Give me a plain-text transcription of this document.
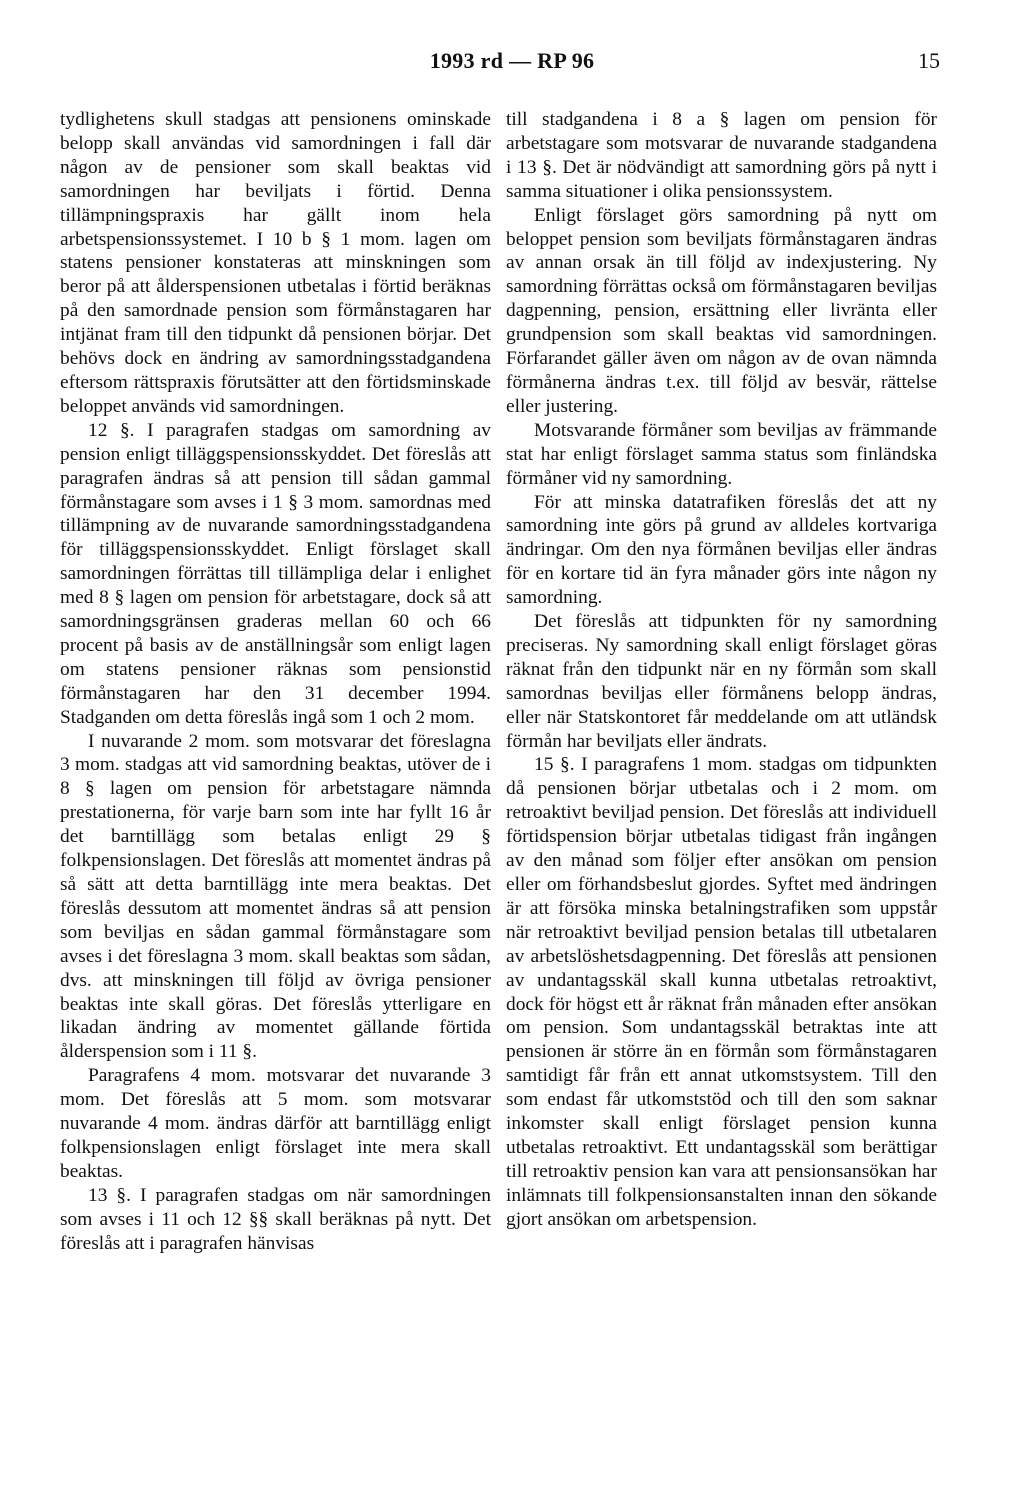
1993 rd — RP 96	15

tydlighetens skull stadgas att pensionens ominskade belopp skall användas vid samordningen i fall där någon av de pensioner som skall beaktas vid samordningen har beviljats i förtid. Denna tillämpningspraxis har gällt inom hela arbetspensionssystemet. I 10 b § 1 mom. lagen om statens pensioner konstateras att minskningen som beror på att ålderspensionen utbetalas i förtid beräknas på den samordnade pension som förmånstagaren har intjänat fram till den tidpunkt då pensionen börjar. Det behövs dock en ändring av samordningsstadgandena eftersom rättspraxis förutsätter att den förtidsminskade beloppet används vid samordningen.

12 §. I paragrafen stadgas om samordning av pension enligt tilläggspensionsskyddet. Det föreslås att paragrafen ändras så att pension till sådan gammal förmånstagare som avses i 1 § 3 mom. samordnas med tillämpning av de nuvarande samordningsstadgandena för tilläggspensionsskyddet. Enligt förslaget skall samordningen förrättas till tillämpliga delar i enlighet med 8 § lagen om pension för arbetstagare, dock så att samordningsgränsen graderas mellan 60 och 66 procent på basis av de anställningsår som enligt lagen om statens pensioner räknas som pensionstid förmånstagaren har den 31 december 1994. Stadganden om detta föreslås ingå som 1 och 2 mom.

I nuvarande 2 mom. som motsvarar det föreslagna 3 mom. stadgas att vid samordning beaktas, utöver de i 8 § lagen om pension för arbetstagare nämnda prestationerna, för varje barn som inte har fyllt 16 år det barntillägg som betalas enligt 29 § folkpensionslagen. Det föreslås att momentet ändras på så sätt att detta barntillägg inte mera beaktas. Det föreslås dessutom att momentet ändras så att pension som beviljas en sådan gammal förmånstagare som avses i det föreslagna 3 mom. skall beaktas som sådan, dvs. att minskningen till följd av övriga pensioner beaktas inte skall göras. Det föreslås ytterligare en likadan ändring av momentet gällande förtida ålderspension som i 11 §.

Paragrafens 4 mom. motsvarar det nuvarande 3 mom. Det föreslås att 5 mom. som motsvarar nuvarande 4 mom. ändras därför att barntillägg enligt folkpensionslagen enligt förslaget inte mera skall beaktas.

13 §. I paragrafen stadgas om när samordningen som avses i 11 och 12 §§ skall beräknas på nytt. Det föreslås att i paragrafen hänvisas

till stadgandena i 8 a § lagen om pension för arbetstagare som motsvarar de nuvarande stadgandena i 13 §. Det är nödvändigt att samordning görs på nytt i samma situationer i olika pensionssystem.

Enligt förslaget görs samordning på nytt om beloppet pension som beviljats förmånstagaren ändras av annan orsak än till följd av indexjustering. Ny samordning förrättas också om förmånstagaren beviljas dagpenning, pension, ersättning eller livränta eller grundpension som skall beaktas vid samordningen. Förfarandet gäller även om någon av de ovan nämnda förmånerna ändras t.ex. till följd av besvär, rättelse eller justering.

Motsvarande förmåner som beviljas av främmande stat har enligt förslaget samma status som finländska förmåner vid ny samordning.

För att minska datatrafiken föreslås det att ny samordning inte görs på grund av alldeles kortvariga ändringar. Om den nya förmånen beviljas eller ändras för en kortare tid än fyra månader görs inte någon ny samordning.

Det föreslås att tidpunkten för ny samordning preciseras. Ny samordning skall enligt förslaget göras räknat från den tidpunkt när en ny förmån som skall samordnas beviljas eller förmånens belopp ändras, eller när Statskontoret får meddelande om att utländsk förmån har beviljats eller ändrats.

15 §. I paragrafens 1 mom. stadgas om tidpunkten då pensionen börjar utbetalas och i 2 mom. om retroaktivt beviljad pension. Det föreslås att individuell förtidspension börjar utbetalas tidigast från ingången av den månad som följer efter ansökan om pension eller om förhandsbeslut gjordes. Syftet med ändringen är att försöka minska betalningstrafiken som uppstår när retroaktivt beviljad pension betalas till utbetalaren av arbetslöshetsdagpenning. Det föreslås att pensionen av undantagsskäl skall kunna utbetalas retroaktivt, dock för högst ett år räknat från månaden efter ansökan om pension. Som undantagsskäl betraktas inte att pensionen är större än en förmån som förmånstagaren samtidigt får från ett annat utkomstsystem. Till den som endast får utkomststöd och till den som saknar inkomster skall enligt förslaget pension kunna utbetalas retroaktivt. Ett undantagsskäl som berättigar till retroaktiv pension kan vara att pensionsansökan har inlämnats till folkpensionsanstalten innan den sökande gjort ansökan om arbetspension.
